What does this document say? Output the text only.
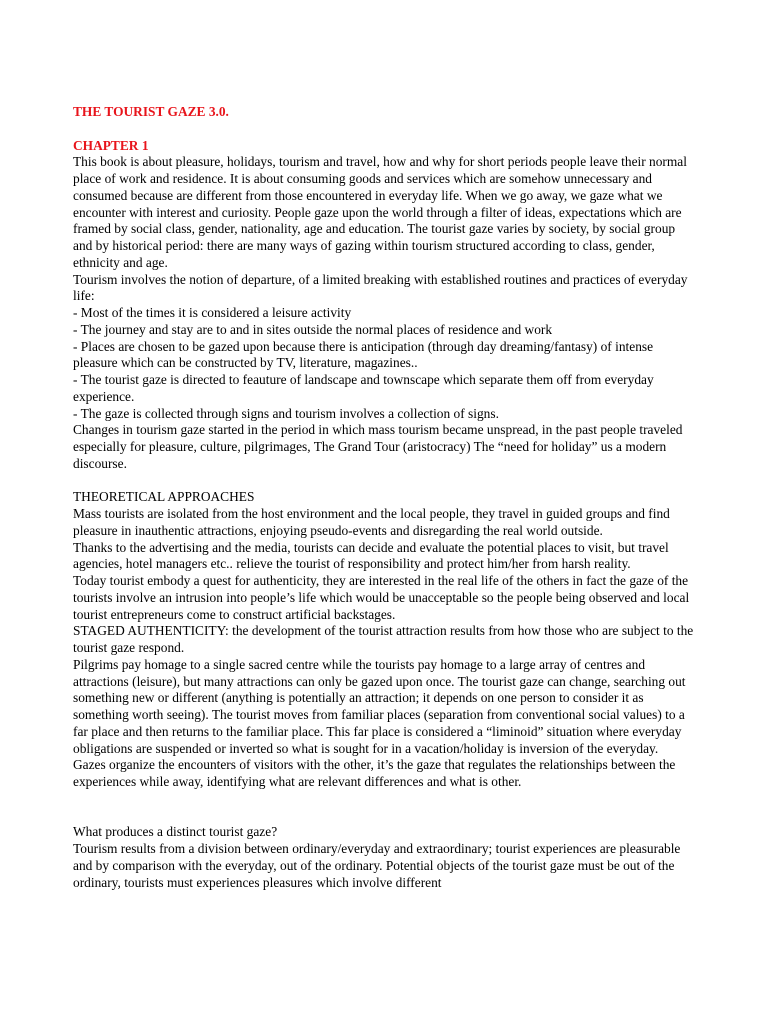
THE TOURIST GAZE 3.0.

CHAPTER 1

This book is about pleasure, holidays, tourism and travel, how and why for short periods people leave their normal place of work and residence. It is about consuming goods and services which are somehow unnecessary and consumed because are different from those encountered in everyday life. When we go away, we gaze what we encounter with interest and curiosity. People gaze upon the world through a filter of ideas, expectations which are framed by social class, gender, nationality, age and education. The tourist gaze varies by society, by social group and by historical period: there are many ways of gazing within tourism structured according to class, gender, ethnicity and age.

Tourism involves the notion of departure, of a limited breaking with established routines and practices of everyday life:

- Most of the times it is considered a leisure activity

- The journey and stay are to and in sites outside the normal places of residence and work

- Places are chosen to be gazed upon because there is anticipation (through day dreaming/fantasy) of intense pleasure which can be constructed by TV, literature, magazines..

- The tourist gaze is directed to feauture of landscape and townscape which separate them off from everyday experience.

- The gaze is collected through signs and tourism involves a collection of signs.

Changes in tourism gaze started in the period in which mass tourism became unspread, in the past people traveled especially for pleasure, culture, pilgrimages, The Grand Tour (aristocracy) The “need for holiday” us a modern discourse.

THEORETICAL APPROACHES

Mass tourists are isolated from the host environment and the local people, they travel in guided groups and find pleasure in inauthentic attractions, enjoying pseudo-events and disregarding the real world outside.

Thanks to the advertising and the media, tourists can decide and evaluate the potential places to visit, but travel agencies, hotel managers etc.. relieve the tourist of responsibility and protect him/her from harsh reality.

Today tourist embody a quest for authenticity, they are interested in the real life of the others in fact the gaze of the tourists involve an intrusion into people’s life which would be unacceptable so the people being observed and local tourist entrepreneurs come to construct artificial backstages.

STAGED AUTHENTICITY: the development of the tourist attraction results from how those who are subject to the tourist gaze respond.

Pilgrims pay homage to a single sacred centre while the tourists pay homage to a large array of centres and attractions (leisure), but many attractions can only be gazed upon once. The tourist gaze can change, searching out something new or different (anything is potentially an attraction; it depends on one person to consider it as something worth seeing). The tourist moves from familiar places (separation from conventional social values) to a far place and then returns to the familiar place. This far place is considered a “liminoid” situation where everyday obligations are suspended or inverted so what is sought for in a vacation/holiday is inversion of the everyday.

Gazes organize the encounters of visitors with the other, it’s the gaze that regulates the relationships between the experiences while away, identifying what are relevant differences and what is other.

What produces a distinct tourist gaze?

Tourism results from a division between ordinary/everyday and extraordinary; tourist experiences are pleasurable and by comparison with the everyday, out of the ordinary. Potential objects of the tourist gaze must be out of the ordinary, tourists must experiences pleasures which involve different
